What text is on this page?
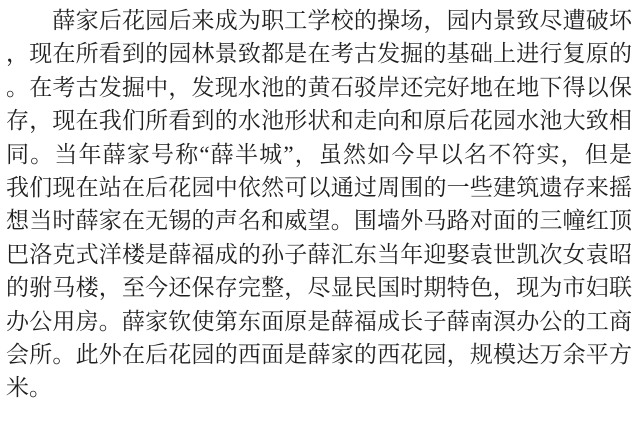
　　薛家后花园后来成为职工学校的操场，园内景致尽遭破坏
，现在所看到的园林景致都是在考古发掘的基础上进行复原的
。在考古发掘中，发现水池的黄石驳岸还完好地在地下得以保
存，现在我们所看到的水池形状和走向和原后花园水池大致相
同。当年薛家号称“薛半城”，虽然如今早以名不符实，但是
我们现在站在后花园中依然可以通过周围的一些建筑遗存来摇
想当时薛家在无锡的声名和威望。围墙外马路对面的三幢红顶
巴洛克式洋楼是薛福成的孙子薛汇东当年迎娶袁世凯次女袁昭
的驸马楼，至今还保存完整，尽显民国时期特色，现为市妇联
办公用房。薛家钦使第东面原是薛福成长子薛南溟办公的工商
会所。此外在后花园的西面是薛家的西花园，规模达万余平方
米。
